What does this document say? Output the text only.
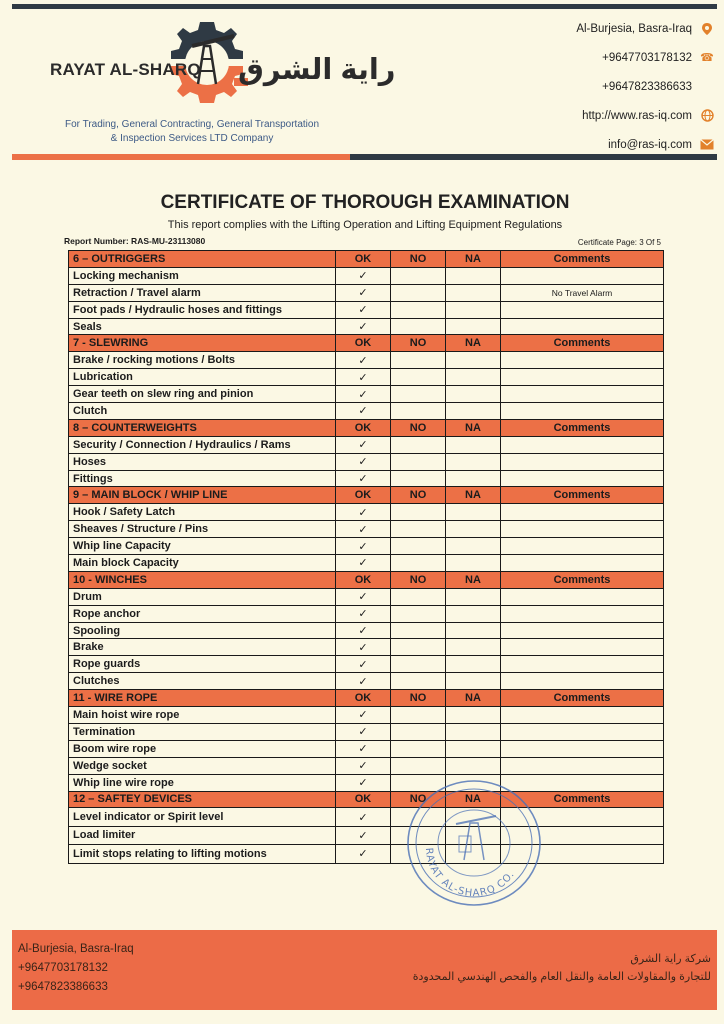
RAYAT AL-SHARQ راية الشرق
For Trading, General Contracting, General Transportation
& Inspection Services LTD Company
Al-Burjesia, Basra-Iraq
+9647703178132 ☎
+9647823386633
http://www.ras-iq.com
info@ras-iq.com
CERTIFICATE OF THOROUGH EXAMINATION
This report complies with the Lifting Operation and Lifting Equipment Regulations
Report Number: RAS-MU-23113080	Certificate Page: 3 Of 5
6 – OUTRIGGERS	OK	NO	NA	Comments
Locking mechanism	✓			
Retraction / Travel alarm	✓			No Travel Alarm
Foot pads / Hydraulic hoses and fittings	✓			
Seals	✓			
7 - SLEWRING	OK	NO	NA	Comments
Brake / rocking motions / Bolts	✓			
Lubrication	✓			
Gear teeth on slew ring and pinion	✓			
Clutch	✓			
8 – COUNTERWEIGHTS	OK	NO	NA	Comments
Security / Connection / Hydraulics / Rams	✓			
Hoses	✓			
Fittings	✓			
9 – MAIN BLOCK / WHIP LINE	OK	NO	NA	Comments
Hook / Safety Latch	✓			
Sheaves / Structure / Pins	✓			
Whip line Capacity	✓			
Main block Capacity	✓			
10 - WINCHES	OK	NO	NA	Comments
Drum	✓			
Rope anchor	✓			
Spooling	✓			
Brake	✓			
Rope guards	✓			
Clutches	✓			
11 - WIRE ROPE	OK	NO	NA	Comments
Main hoist wire rope	✓			
Termination	✓			
Boom wire rope	✓			
Wedge socket	✓			
Whip line wire rope	✓			
12 – SAFTEY DEVICES	OK	NO	NA	Comments
Level indicator or Spirit level	✓			
Load limiter	✓			
Limit stops relating to lifting motions	✓				RAYAT AL-SHARQ CO.
Al-Burjesia, Basra-Iraq
+9647703178132
+9647823386633
شركة راية الشرق
للتجارة والمقاولات العامة والنقل العام والفحص الهندسي المحدودة
